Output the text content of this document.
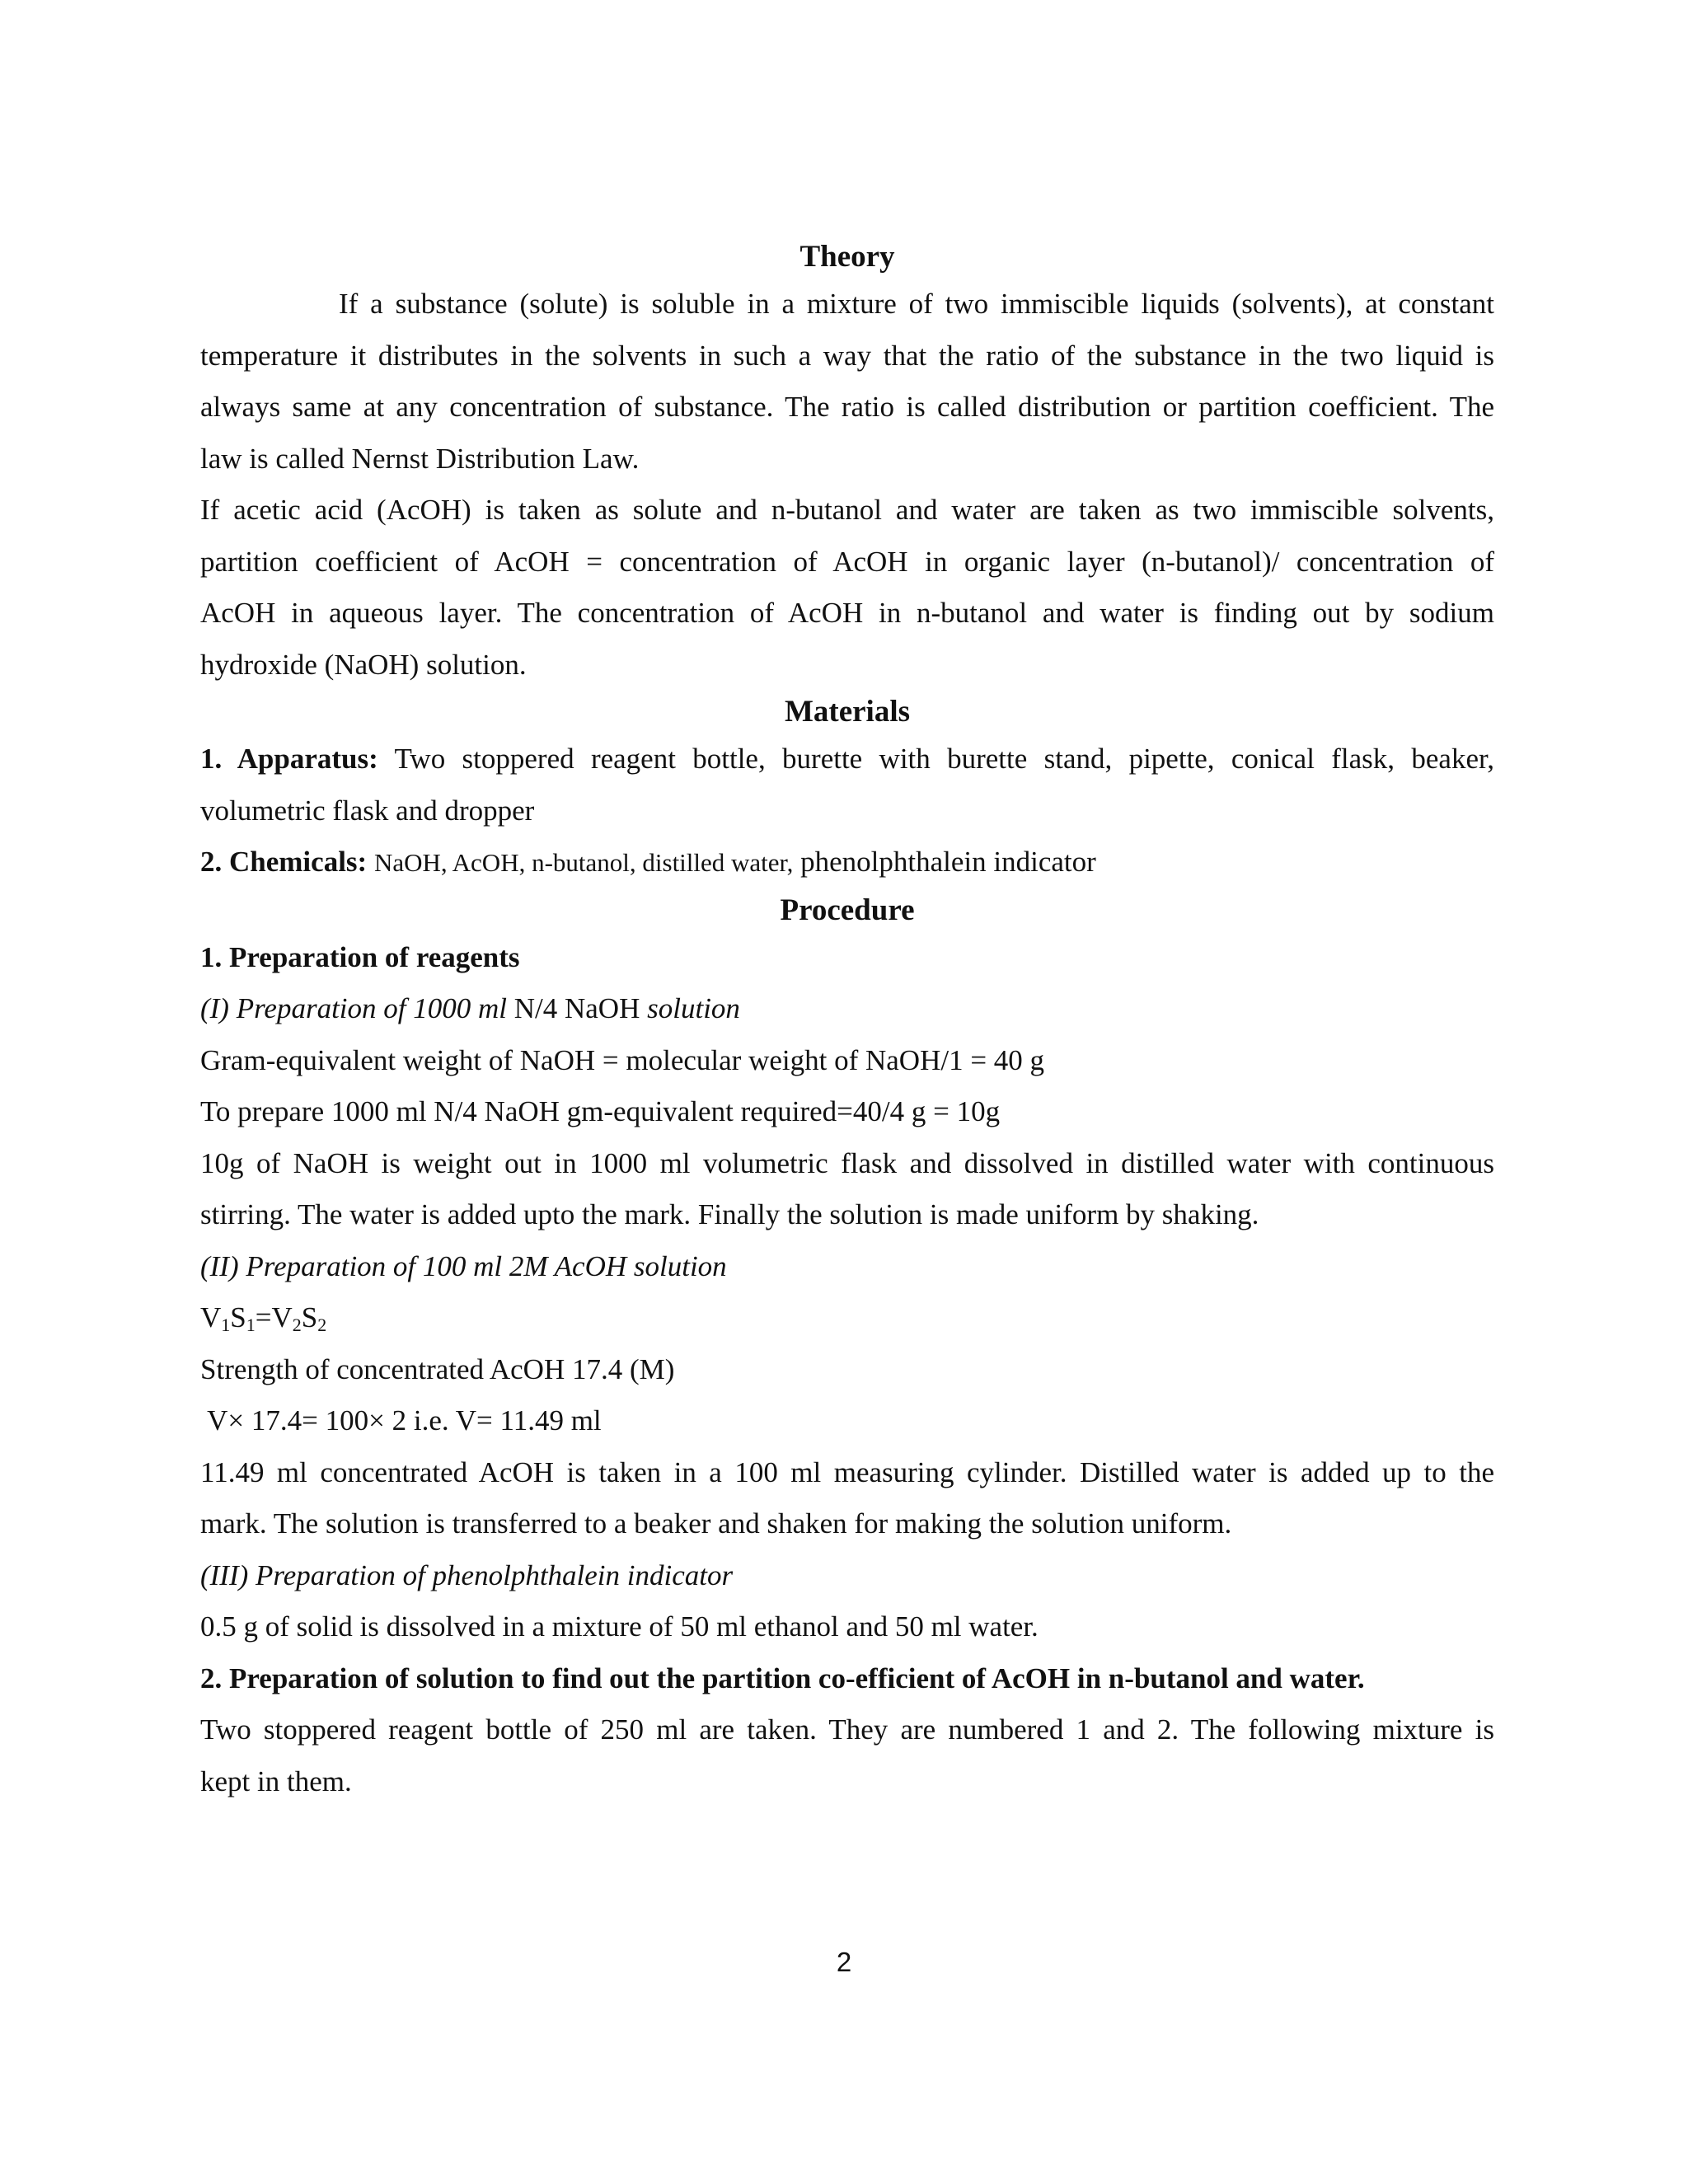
Theory
If a substance (solute) is soluble in a mixture of two immiscible liquids (solvents), at constant
temperature it distributes in the solvents in such a way that the ratio of the substance in the two liquid is
always same at any concentration of substance. The ratio is called distribution or partition coefficient. The
law is called Nernst Distribution Law.
If acetic acid (AcOH) is taken as solute and n-butanol and water are taken as two immiscible solvents,
partition coefficient of AcOH = concentration of AcOH in organic layer (n-butanol)/ concentration of
AcOH in aqueous layer. The concentration of AcOH in n-butanol and water is finding out by sodium
hydroxide (NaOH) solution.
Materials
1. Apparatus: Two stoppered reagent bottle, burette with burette stand, pipette, conical flask, beaker,
volumetric flask and dropper
2. Chemicals: NaOH, AcOH, n-butanol, distilled water, phenolphthalein indicator
Procedure
1. Preparation of reagents
(I) Preparation of 1000 ml N/4 NaOH solution
Gram-equivalent weight of NaOH = molecular weight of NaOH/1 = 40 g
To prepare 1000 ml N/4 NaOH gm-equivalent required=40/4 g = 10g
10g of NaOH is weight out in 1000 ml volumetric flask and dissolved in distilled water with continuous
stirring. The water is added upto the mark. Finally the solution is made uniform by shaking.
(II) Preparation of 100 ml 2M AcOH solution
$V_1S_1=V_2S_2$
Strength of concentrated AcOH 17.4 (M)
V× 17.4= 100× 2 i.e. V= 11.49 ml
11.49 ml concentrated AcOH is taken in a 100 ml measuring cylinder. Distilled water is added up to the
mark. The solution is transferred to a beaker and shaken for making the solution uniform.
(III) Preparation of phenolphthalein indicator
0.5 g of solid is dissolved in a mixture of 50 ml ethanol and 50 ml water.
2. Preparation of solution to find out the partition co-efficient of AcOH in n-butanol and water.
Two stoppered reagent bottle of 250 ml are taken. They are numbered 1 and 2. The following mixture is
kept in them.
2
